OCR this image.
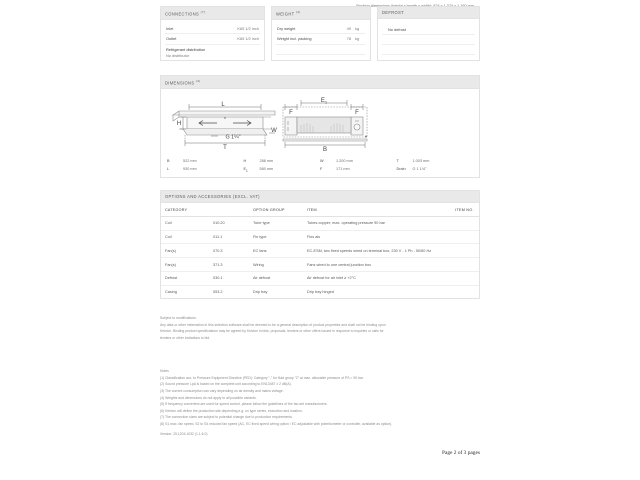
CONNECTIONS $^{(7)}$
Inlet	K65 1/2 inch
Outlet	K65 1/2 inch
Refrigerant distribution
No distributor
WEIGHT $^{(4)}$
Dry weight	49	kg
Weight incl. packing	78	kg
DEFROST
No defrost
DIMENSIONS $^{(4)}$
L
H
T
W
G 1¼"
$E_1$
F	F
B
▼
B	522 mm	H	288 mm	W	1.200 mm	T	1.003 mm
L	930 mm	$E_1$	580 mm	F	171 mm	Drain G 1 1/4"
OPTIONS AND ACCESSORIES (EXCL. VAT)
CATEGORY		OPTION GROUP	ITEM	ITEM NO.
Coil	010.20	Tube type	Tubes copper; max. operating pressure 90 bar	
Coil	011.1	Fin type	Fins alu	
Fan(s)	070.3	EC fans	EC-ESM, two fixed speeds wired on terminal box, 230 V - 1 Ph - 50/60 Hz	
Fan(s)	371.3	Wiring	Fans wired to one central junction box	
Defrost	030.1	Air defrost	Air defrost for air inlet ≥ +2°C	
Casing	053.2	Drip tray	Drip tray hinged	
Subject to modifications.
Any data or other information in this selection software shall be deemed to be a general description of product properties and shall not be binding upon
Kelvion. Binding product specifications may be agreed by Kelvion in bids, proposals, tenders or other offers issued in response to inquiries or calls for
tenders or other invitations to bid.
Notes
(1) Classification acc. to Pressure Equipment Directive (PED): Category "-" for fluid group "2" at max. allowable pressure of PS = 90 bar.
(2) Sound pressure LpA is based on the complete unit according to EN13487 ± 2 dB(A).
(3) The current consumption can vary depending on air density and mains voltage.
(4) Weights and dimensions do not apply to all possible variants.
(5) If frequency converters are used for speed control, please follow the guidelines of the fan-set manufacturers.
(6) Kelvion will define the production site depending e.g. on type series, execution and location.
(7) The connection sizes are subject to potential change due to production requirements.
(8) S1 max. fan speed, S2 to S4 reduced fan speed (AC, EC fixed speed wiring option / EC adjustable with potentiometer or controller, available as option).
Version: 25.1204.1032 (1.1.6.0)
Page 2 of 3 pages
